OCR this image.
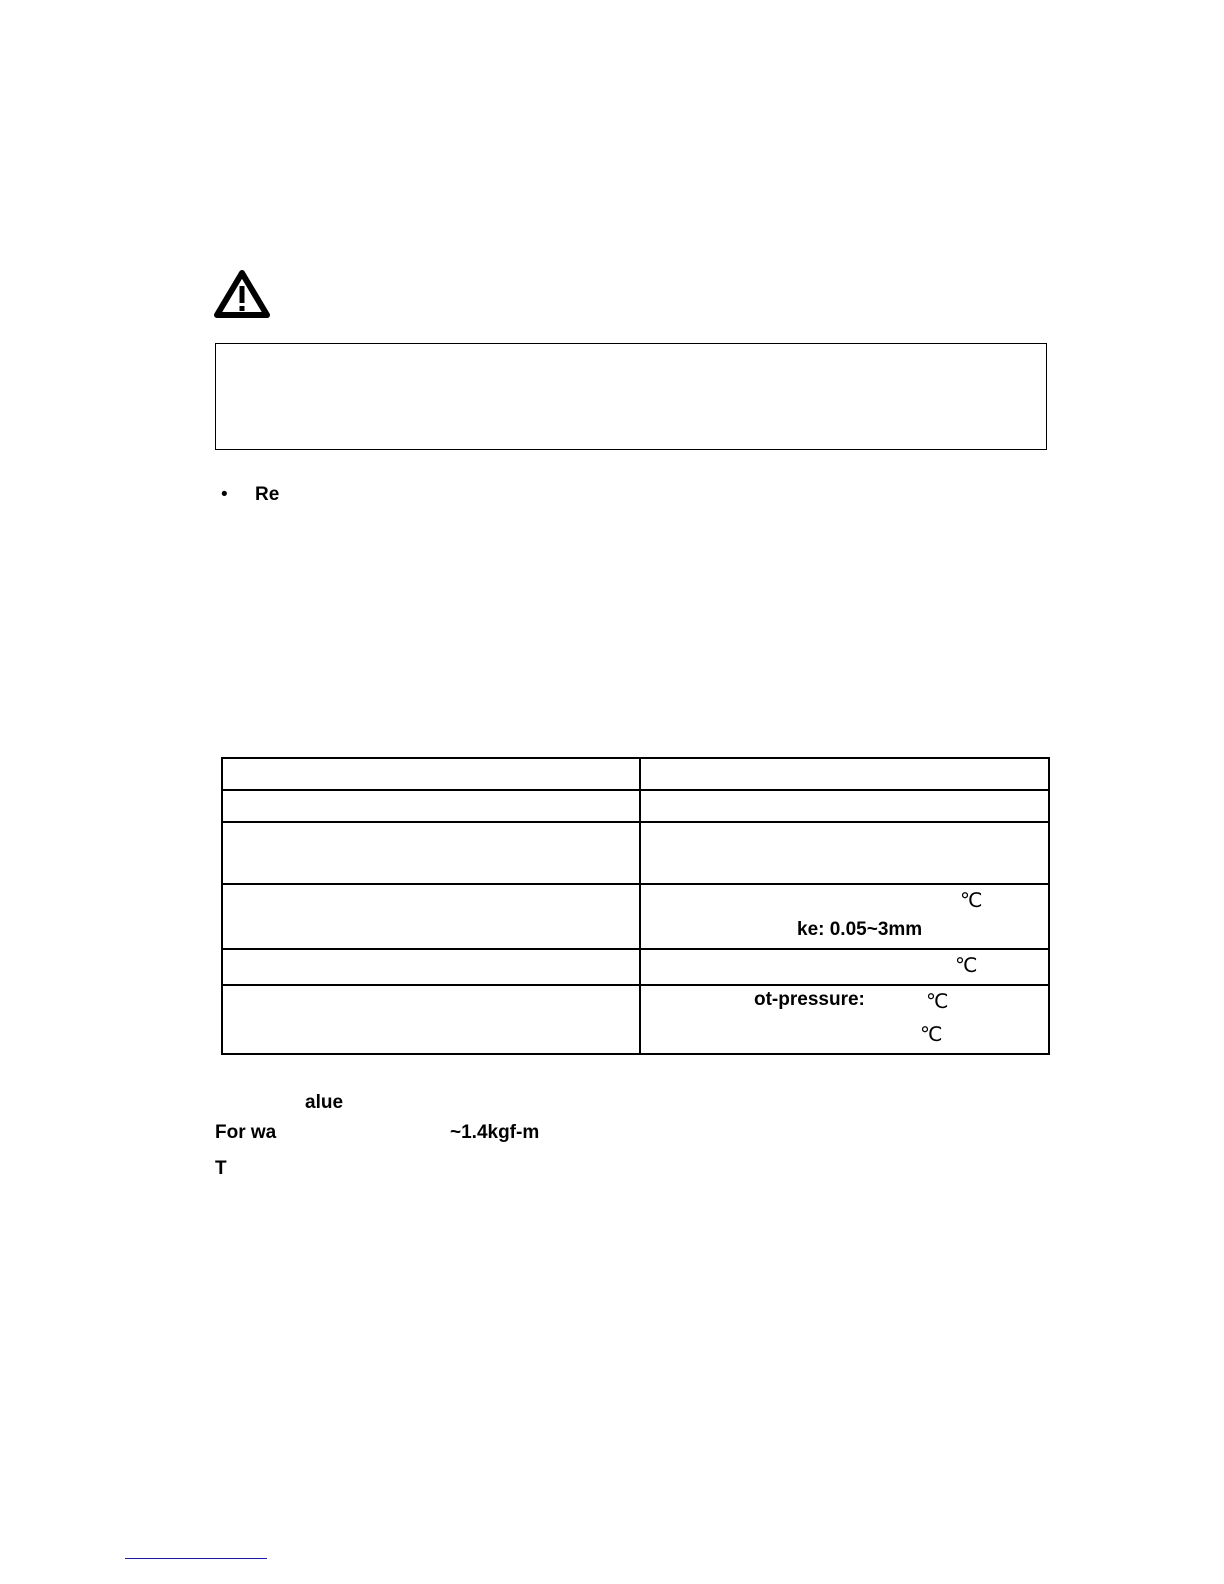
• Re

	℃
ke: 0.05~3mm

	℃

	ot-pressure: ℃
℃
alue
For wa	~1.4kgf-m
T
